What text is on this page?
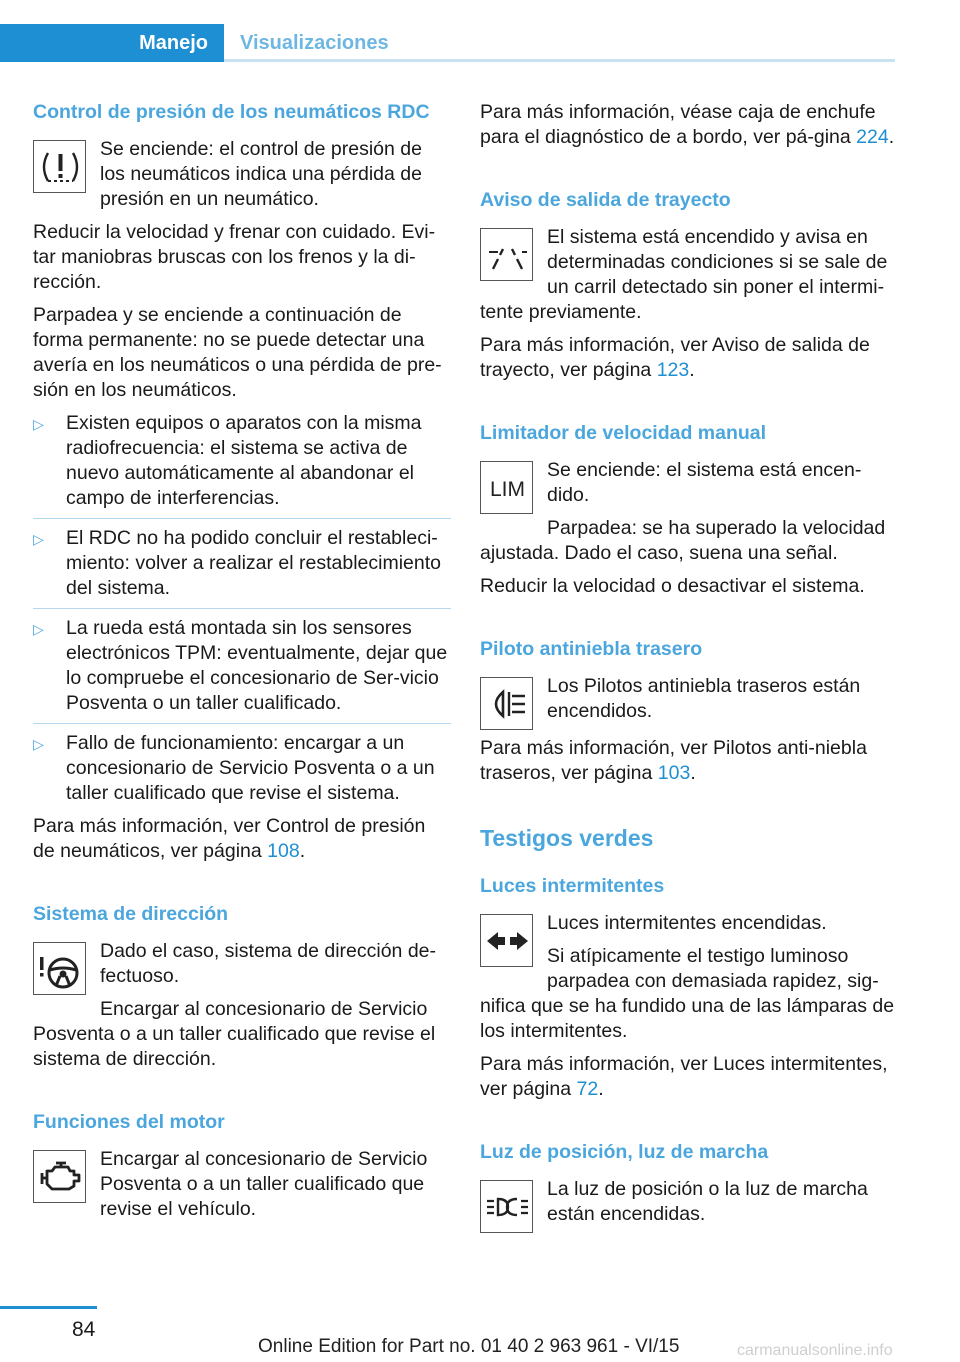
Manejo Visualizaciones
Control de presión de los neumáticos RDC

Se enciende: el control de presión de los neumáticos indica una pérdida de presión en un neumático.

Reducir la velocidad y frenar con cuidado. Evi‐tar maniobras bruscas con los frenos y la di‐rección.

Parpadea y se enciende a continuación de forma permanente: no se puede detectar una avería en los neumáticos o una pérdida de pre‐sión en los neumáticos.

▷ Existen equipos o aparatos con la misma radiofrecuencia: el sistema se activa de nuevo automáticamente al abandonar el campo de interferencias.
▷ El RDC no ha podido concluir el restableci‐miento: volver a realizar el restablecimiento del sistema.
▷ La rueda está montada sin los sensores electrónicos TPM: eventualmente, dejar que lo compruebe el concesionario de Ser‐vicio Posventa o un taller cualificado.
▷ Fallo de funcionamiento: encargar a un concesionario de Servicio Posventa o a un taller cualificado que revise el sistema.

Para más información, ver Control de presión de neumáticos, ver página 108.

Sistema de dirección

Dado el caso, sistema de dirección de‐fectuoso.

Encargar al concesionario de Servicio Posventa o a un taller cualificado que revise el sistema de dirección.

Funciones del motor

Encargar al concesionario de Servicio Posventa o a un taller cualificado que revise el vehículo.

Para más información, véase caja de enchufe para el diagnóstico de a bordo, ver pá‐gina 224.

Aviso de salida de trayecto

El sistema está encendido y avisa en determinadas condiciones si se sale de un carril detectado sin poner el intermi‐tente previamente.

Para más información, ver Aviso de salida de trayecto, ver página 123.

Limitador de velocidad manual
LIM

Se enciende: el sistema está encen‐dido.

Parpadea: se ha superado la velocidad ajustada. Dado el caso, suena una señal.

Reducir la velocidad o desactivar el sistema.

Piloto antiniebla trasero

Los Pilotos antiniebla traseros están encendidos.

Para más información, ver Pilotos anti‐niebla traseros, ver página 103.

Testigos verdes
Luces intermitentes

Luces intermitentes encendidas.

Si atípicamente el testigo luminoso parpadea con demasiada rapidez, sig‐nifica que se ha fundido una de las lámparas de los intermitentes.

Para más información, ver Luces intermitentes, ver página 72.

Luz de posición, luz de marcha

La luz de posición o la luz de marcha están encendidas.

84
Online Edition for Part no. 01 40 2 963 961 - VI/15	carmanualsonline.info
